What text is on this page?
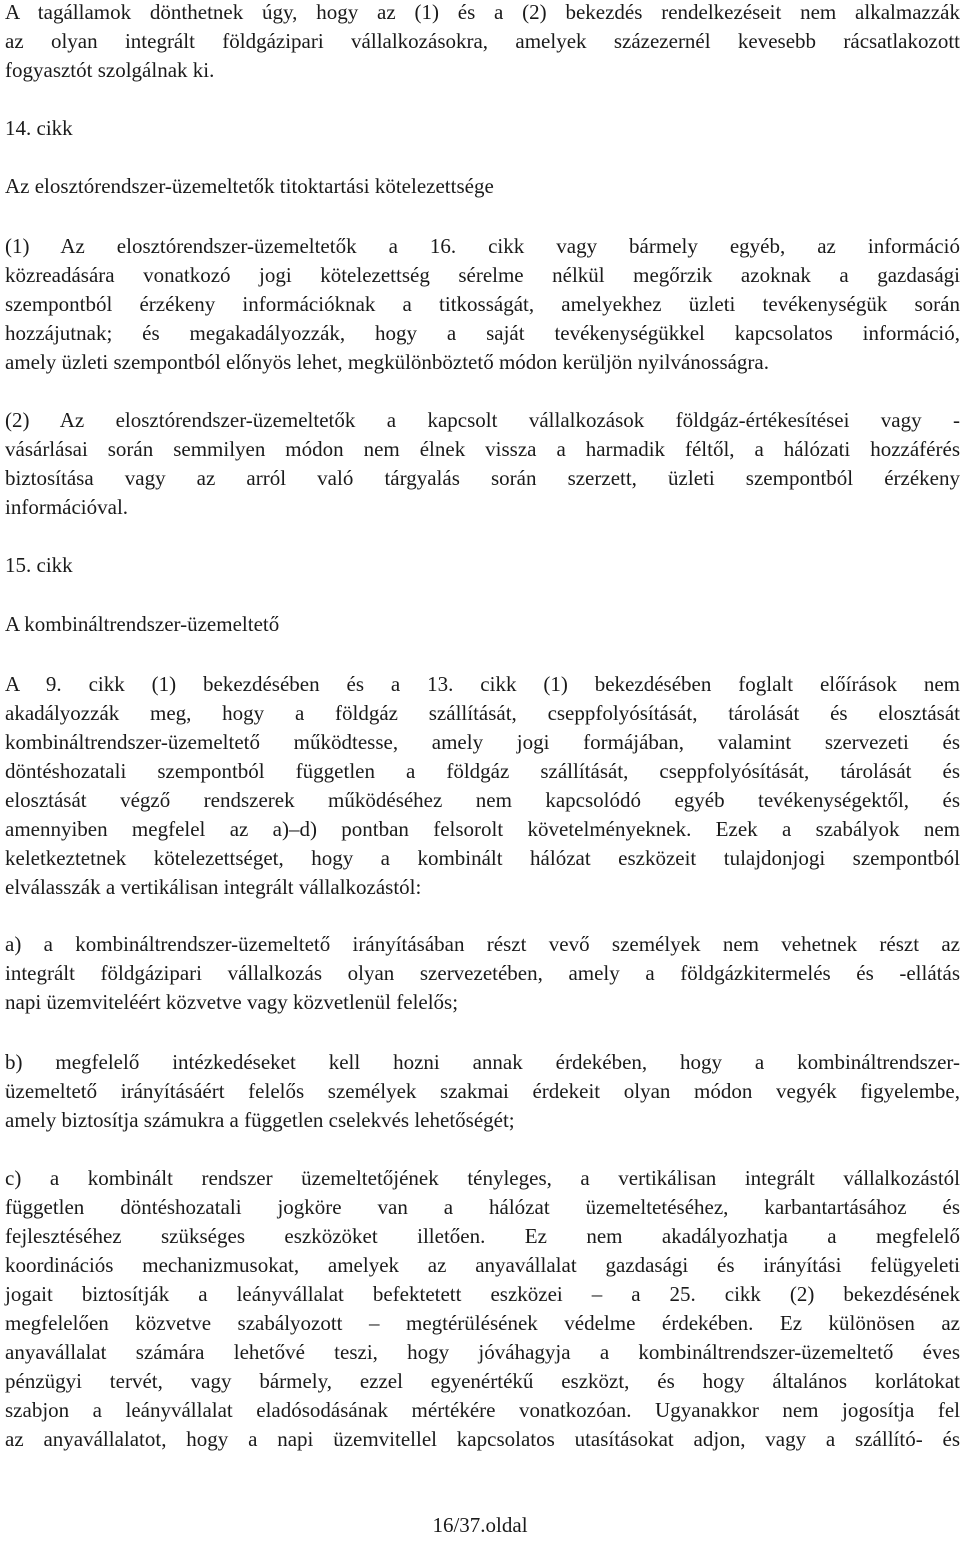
A tagállamok dönthetnek úgy, hogy az (1) és a (2) bekezdés rendelkezéseit nem alkalmazzák
az olyan integrált földgázipari vállalkozásokra, amelyek százezernél kevesebb rácsatlakozott
fogyasztót szolgálnak ki.
14. cikk
Az elosztórendszer-üzemeltetők titoktartási kötelezettsége
(1) Az elosztórendszer-üzemeltetők a 16. cikk vagy bármely egyéb, az információ
közreadására vonatkozó jogi kötelezettség sérelme nélkül megőrzik azoknak a gazdasági
szempontból érzékeny információknak a titkosságát, amelyekhez üzleti tevékenységük során
hozzájutnak; és megakadályozzák, hogy a saját tevékenységükkel kapcsolatos információ,
amely üzleti szempontból előnyös lehet, megkülönböztető módon kerüljön nyilvánosságra.
(2) Az elosztórendszer-üzemeltetők a kapcsolt vállalkozások földgáz-értékesítései vagy -
vásárlásai során semmilyen módon nem élnek vissza a harmadik féltől, a hálózati hozzáférés
biztosítása vagy az arról való tárgyalás során szerzett, üzleti szempontból érzékeny
információval.
15. cikk
A kombináltrendszer-üzemeltető
A 9. cikk (1) bekezdésében és a 13. cikk (1) bekezdésében foglalt előírások nem
akadályozzák meg, hogy a földgáz szállítását, cseppfolyósítását, tárolását és elosztását
kombináltrendszer-üzemeltető működtesse, amely jogi formájában, valamint szervezeti és
döntéshozatali szempontból független a földgáz szállítását, cseppfolyósítását, tárolását és
elosztását végző rendszerek működéséhez nem kapcsolódó egyéb tevékenységektől, és
amennyiben megfelel az a)–d) pontban felsorolt követelményeknek. Ezek a szabályok nem
keletkeztetnek kötelezettséget, hogy a kombinált hálózat eszközeit tulajdonjogi szempontból
elválasszák a vertikálisan integrált vállalkozástól:
a) a kombináltrendszer-üzemeltető irányításában részt vevő személyek nem vehetnek részt az
integrált földgázipari vállalkozás olyan szervezetében, amely a földgázkitermelés és -ellátás
napi üzemviteléért közvetve vagy közvetlenül felelős;
b) megfelelő intézkedéseket kell hozni annak érdekében, hogy a kombináltrendszer-
üzemeltető irányításáért felelős személyek szakmai érdekeit olyan módon vegyék figyelembe,
amely biztosítja számukra a független cselekvés lehetőségét;
c) a kombinált rendszer üzemeltetőjének tényleges, a vertikálisan integrált vállalkozástól
független döntéshozatali jogköre van a hálózat üzemeltetéséhez, karbantartásához és
fejlesztéséhez szükséges eszközöket illetően. Ez nem akadályozhatja a megfelelő
koordinációs mechanizmusokat, amelyek az anyavállalat gazdasági és irányítási felügyeleti
jogait biztosítják a leányvállalat befektetett eszközei – a 25. cikk (2) bekezdésének
megfelelően közvetve szabályozott – megtérülésének védelme érdekében. Ez különösen az
anyavállalat számára lehetővé teszi, hogy jóváhagyja a kombináltrendszer-üzemeltető éves
pénzügyi tervét, vagy bármely, ezzel egyenértékű eszközt, és hogy általános korlátokat
szabjon a leányvállalat eladósodásának mértékére vonatkozóan. Ugyanakkor nem jogosítja fel
az anyavállalatot, hogy a napi üzemvitellel kapcsolatos utasításokat adjon, vagy a szállító- és
16/37.oldal
